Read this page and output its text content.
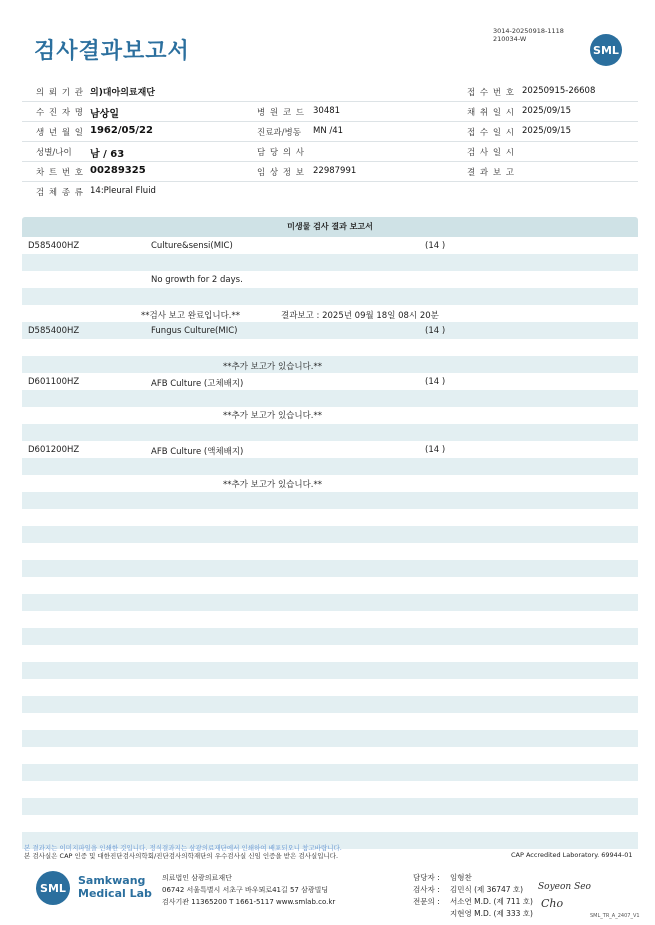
검사결과보고서
3014-20250918-1118
210034-W
SML
의 뢰 기 관 의)대아의료재단	접 수 번 호 20250915-26608
수 진 자 명 남상일	병 원 코 드 30481	채 취 일 시 2025/09/15
생 년 월 일 1962/05/22	진료과/병동 MN /41	접 수 일 시 2025/09/15
성별/나이 남 / 63	담 당 의 사	검 사 일 시
차 트 번 호 00289325	임 상 정 보 22987991	결 과 보 고
검 체 종 류 14:Pleural Fluid
미생물 검사 결과 보고서
D585400HZ	Culture&sensi(MIC)	(14 )
No growth for 2 days.
**검사 보고 완료입니다.**	결과보고 : 2025년 09월 18일 08시 20분
D585400HZ	Fungus Culture(MIC)	(14 )
**추가 보고가 있습니다.**
D601100HZ	AFB Culture (고체배지)	(14 )
**추가 보고가 있습니다.**
D601200HZ	AFB Culture (액체배지)	(14 )
**추가 보고가 있습니다.**
본 결과지는 이미지파일을 인쇄한 것입니다. 정식결과지는 삼광의료재단에서 인쇄하여 배포되오니 참고바랍니다.
본 검사실은 CAP 인증 및 대한진단검사의학회/진단검사의학재단의 우수검사실 신임 인증을 받은 검사실입니다.	CAP Accredited Laboratory. 69944-01
SML
Samkwang
Medical Lab
의료법인 삼광의료재단
06742 서울특별시 서초구 바우뫼로41길 57 삼광빌딩
검사기관 11365200 T 1661-5117 www.smlab.co.kr
담당자 : 임형찬
검사자 : 김민식 (제 36747 호)
전문의 : 서소연 M.D. (제 711 호)
지현영 M.D. (제 333 호)
Soyeon Seo
Cho
SML_TR_A_2407_V1
